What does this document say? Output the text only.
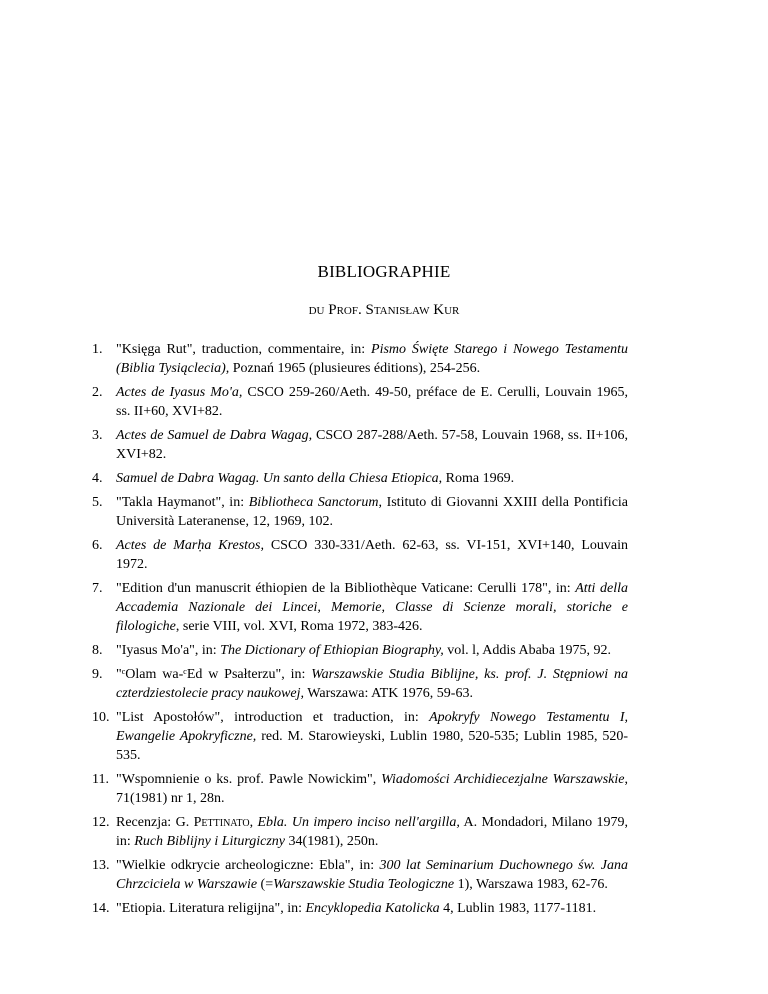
BIBLIOGRAPHIE
du Prof. Stanisław Kur
1. "Księga Rut", traduction, commentaire, in: Pismo Święte Starego i Nowego Testamentu (Biblia Tysiąclecia), Poznań 1965 (plusieures éditions), 254-256.
2. Actes de Iyasus Mo'a, CSCO 259-260/Aeth. 49-50, préface de E. Cerulli, Louvain 1965, ss. II+60, XVI+82.
3. Actes de Samuel de Dabra Wagag, CSCO 287-288/Aeth. 57-58, Louvain 1968, ss. II+106, XVI+82.
4. Samuel de Dabra Wagag. Un santo della Chiesa Etiopica, Roma 1969.
5. "Takla Haymanot", in: Bibliotheca Sanctorum, Istituto di Giovanni XXIII della Pontificia Università Lateranense, 12, 1969, 102.
6. Actes de Marḥa Krestos, CSCO 330-331/Aeth. 62-63, ss. VI-151, XVI+140, Louvain 1972.
7. "Edition d'un manuscrit éthiopien de la Bibliothèque Vaticane: Cerulli 178", in: Atti della Accademia Nazionale dei Lincei, Memorie, Classe di Scienze morali, storiche e filologiche, serie VIII, vol. XVI, Roma 1972, 383-426.
8. "Iyasus Mo'a", in: The Dictionary of Ethiopian Biography, vol. l, Addis Ababa 1975, 92.
9. "ᶜOlam wa-ᶜEd w Psałterzu", in: Warszawskie Studia Biblijne, ks. prof. J. Stępniowi na czterdziestolecie pracy naukowej, Warszawa: ATK 1976, 59-63.
10. "List Apostołów", introduction et traduction, in: Apokryfy Nowego Testamentu I, Ewangelie Apokryficzne, red. M. Starowieyski, Lublin 1980, 520-535; Lublin 1985, 520-535.
11. "Wspomnienie o ks. prof. Pawle Nowickim", Wiadomości Archidiecezjalne Warszawskie, 71(1981) nr 1, 28n.
12. Recenzja: G. Pettinato, Ebla. Un impero inciso nell'argilla, A. Mondadori, Milano 1979, in: Ruch Biblijny i Liturgiczny 34(1981), 250n.
13. "Wielkie odkrycie archeologiczne: Ebla", in: 300 lat Seminarium Duchownego św. Jana Chrzciciela w Warszawie (=Warszawskie Studia Teologiczne 1), Warszawa 1983, 62-76.
14. "Etiopia. Literatura religijna", in: Encyklopedia Katolicka 4, Lublin 1983, 1177-1181.
